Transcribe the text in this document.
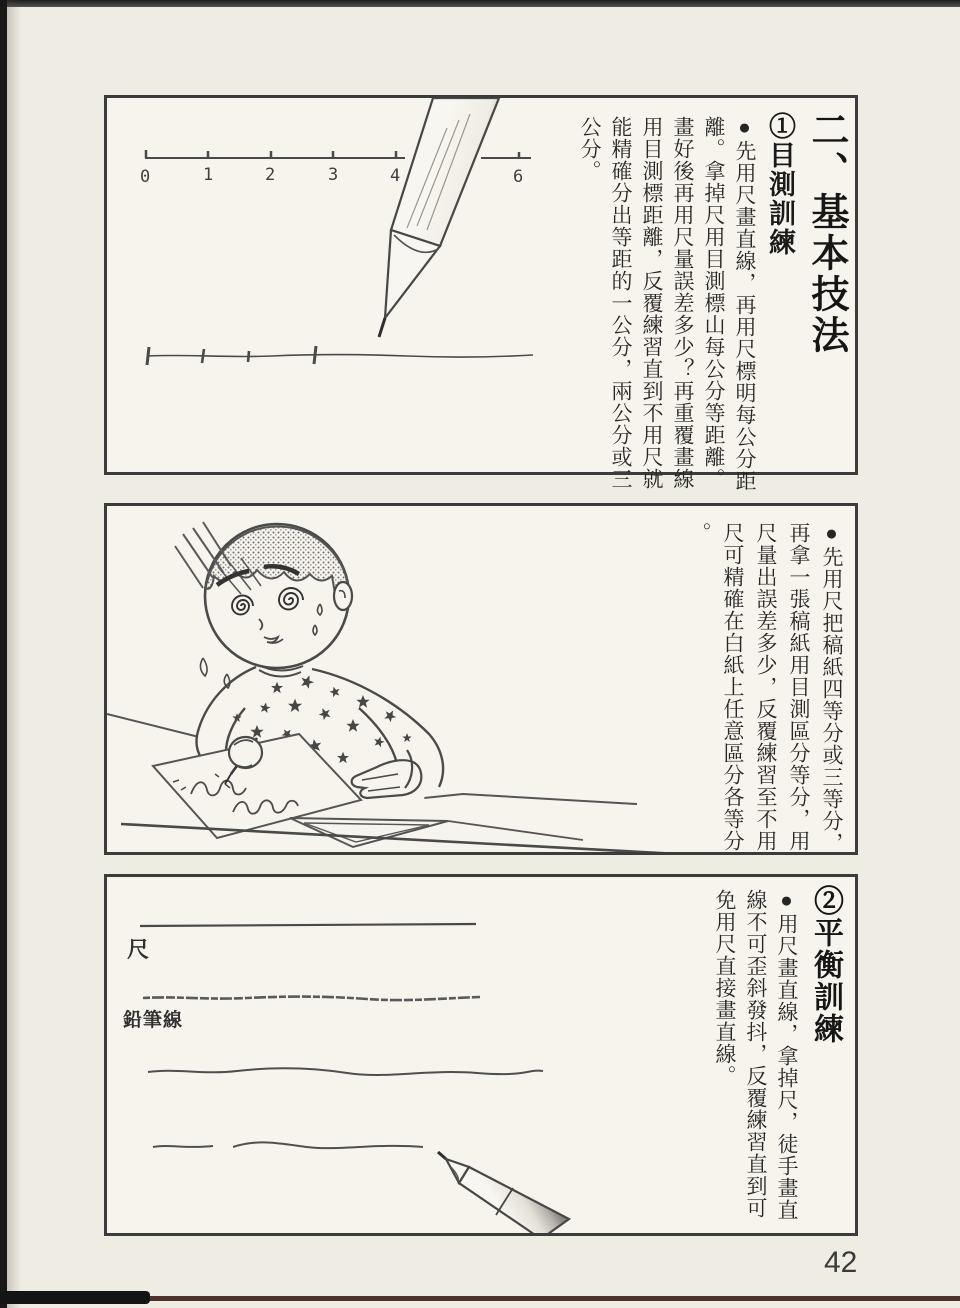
0	1	2	3	4	6	二、基本技法
①目測訓練
●先用尺畫直線，再用尺標明每公分距
離。拿掉尺用目測標山每公分等距離。
畫好後再用尺量誤差多少？再重覆畫線
用目測標距離，反覆練習直到不用尺就
能精確分出等距的一公分，兩公分或三
公分。
●先用尺把稿紙四等分或三等分，
再拿一張稿紙用目測區分等分，用
尺量出誤差多少，反覆練習至不用
尺可精確在白紙上任意區分各等分
。
尺
鉛筆線	②平衡訓練
●用尺畫直線，拿掉尺，徒手畫直
線不可歪斜發抖，反覆練習直到可
免用尺直接畫直線。
42
